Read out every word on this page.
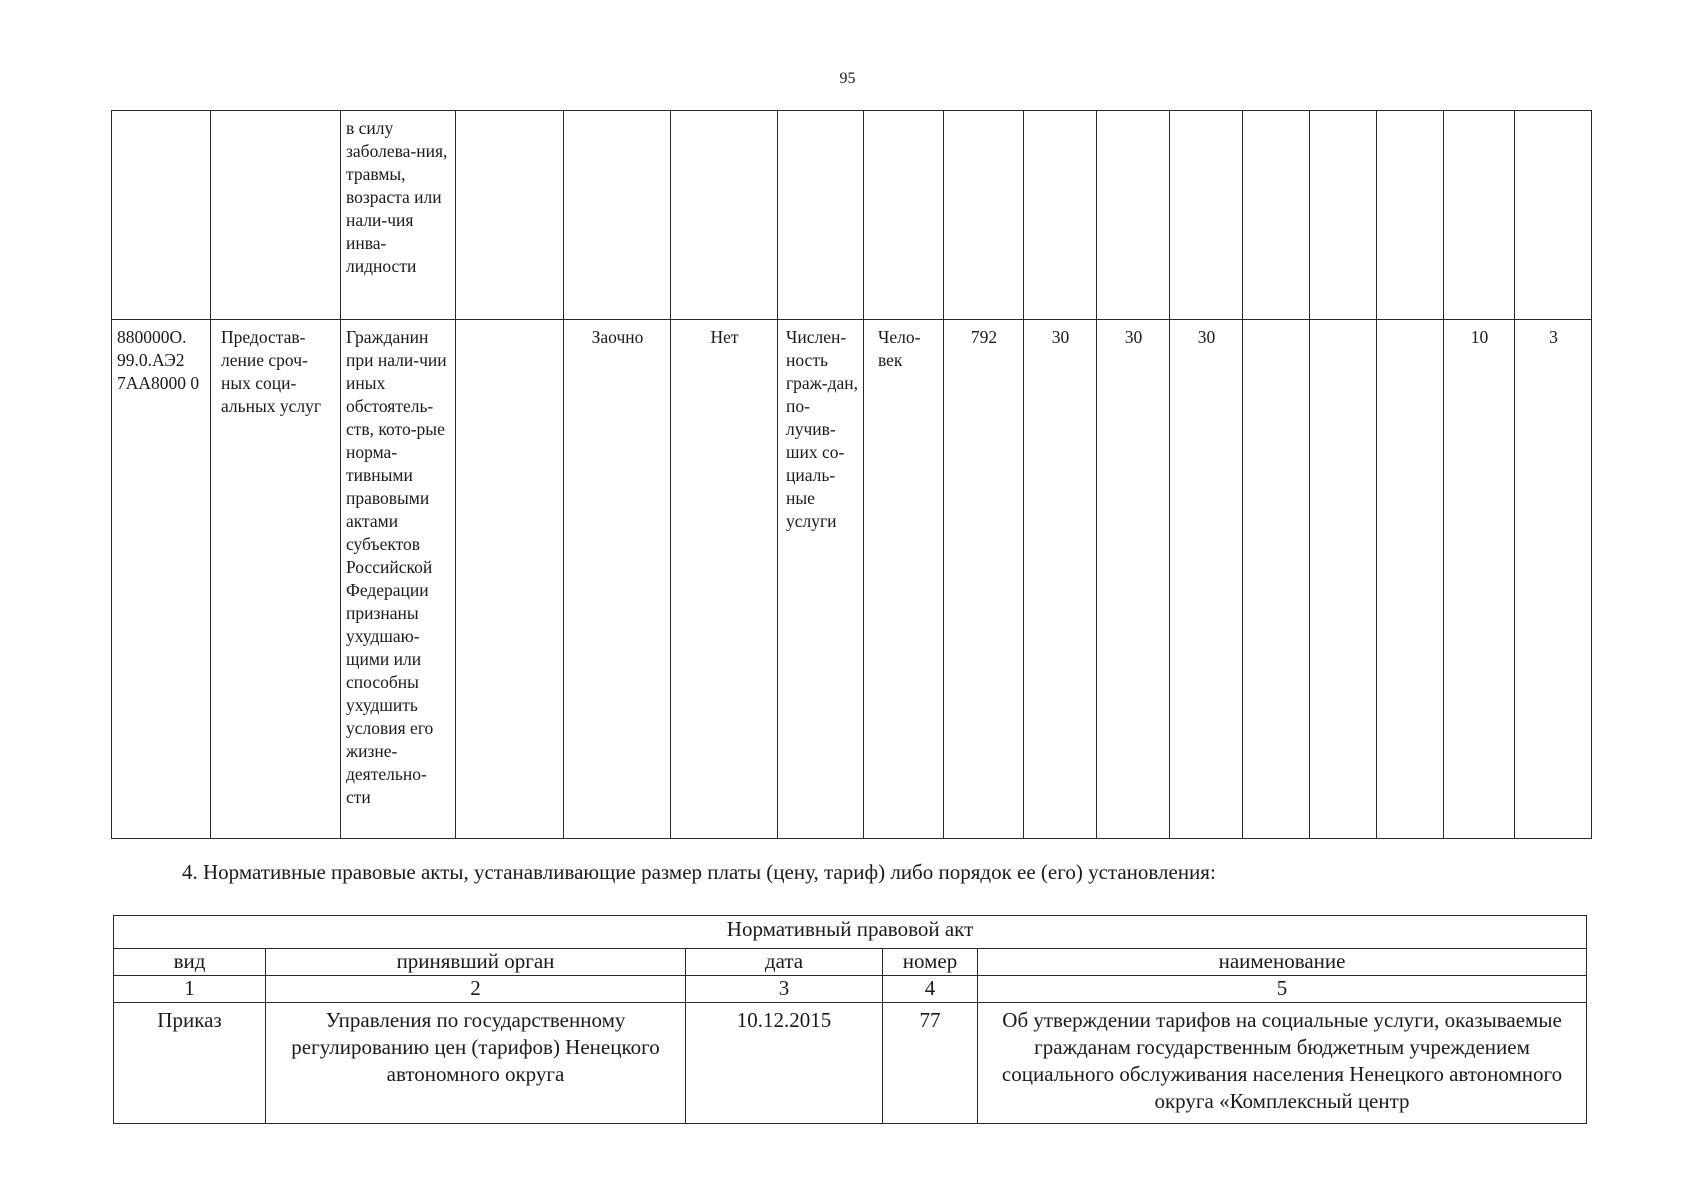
95
		в силу заболева-ния, травмы, возраста или нали-чия инва-лидности														
880000О. 99.0.АЭ2 7АА8000 0	Предостав-ление сроч-ных соци-альных услуг	Гражданин при нали-чии иных обстоятель-ств, кото-рые норма-тивными правовыми актами субъектов Российской Федерации признаны ухудшаю-щими или способны ухудшить условия его жизне-деятельно-сти		Заочно	Нет	Числен-ность граж-дан, по-лучив-ших со-циаль-ные услуги	Чело-век	792	30	30	30				10	3
4. Нормативные правовые акты, устанавливающие размер платы (цену, тариф) либо порядок ее (его) установления:
Нормативный правовой акт				
вид	принявший орган	дата	номер	наименование
1	2	3	4	5
Приказ	Управления по государственному регулированию цен (тарифов) Ненецкого автономного округа	10.12.2015	77	Об утверждении тарифов на социальные услуги, оказываемые гражданам государственным бюджетным учреждением социального обслуживания населения Ненецкого автономного округа «Комплексный центр
